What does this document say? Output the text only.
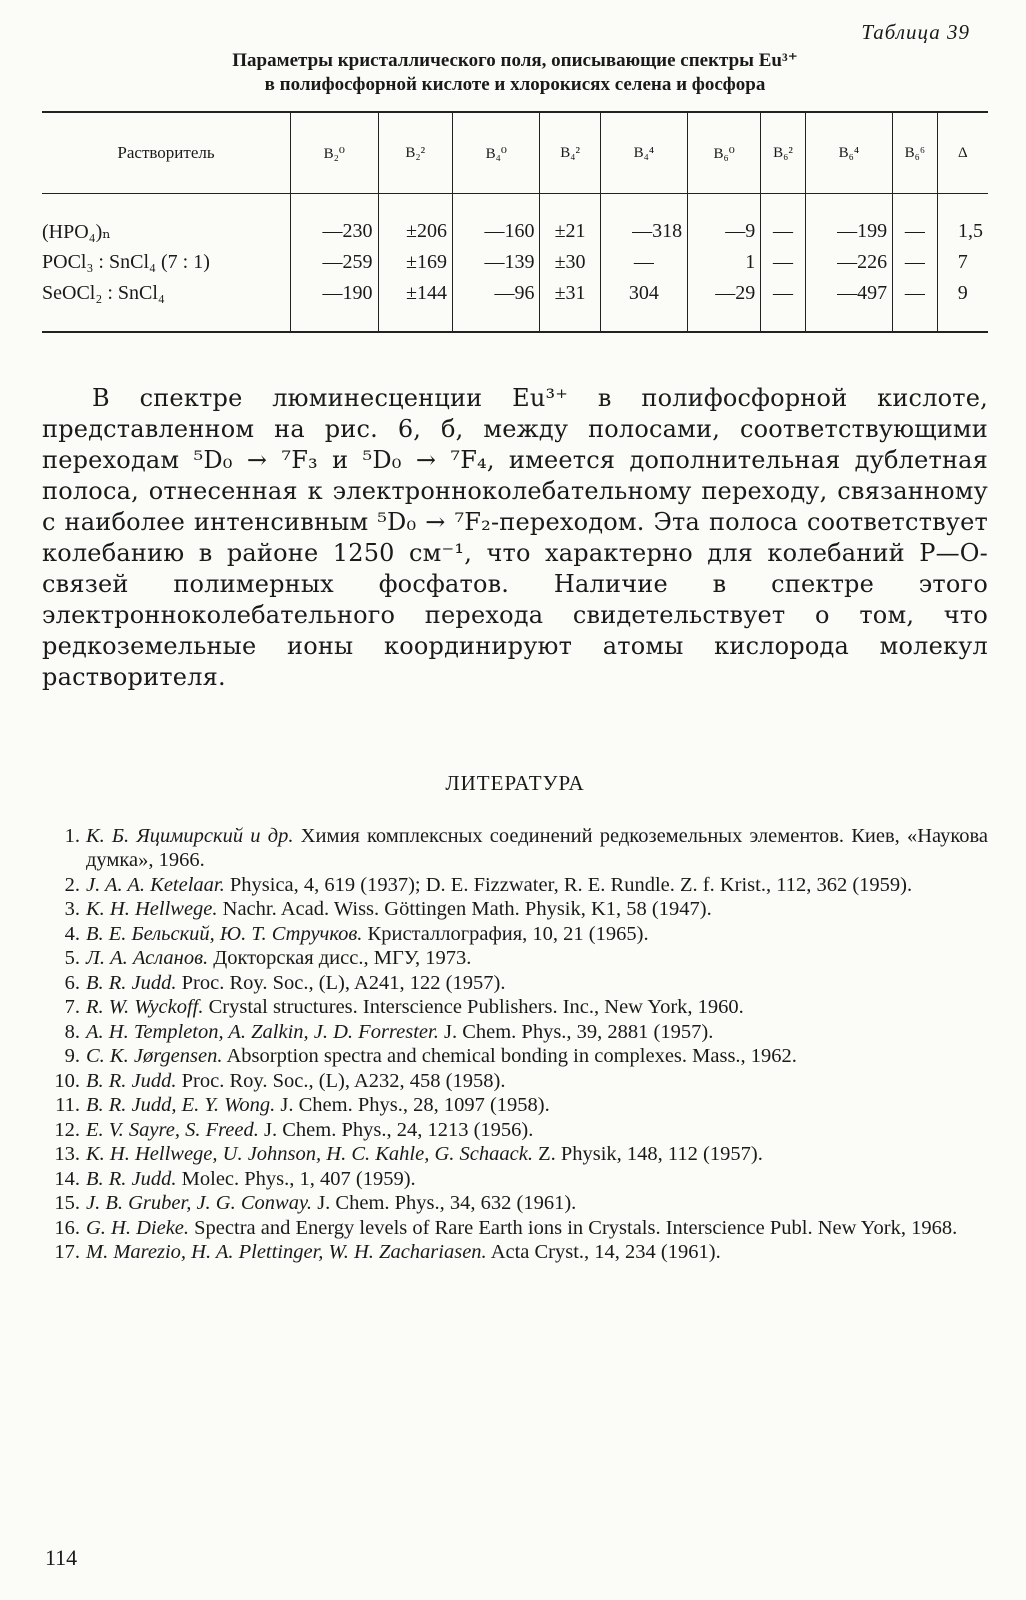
Таблица 39

Параметры кристаллического поля, описывающие спектры Eu³⁺
в полифосфорной кислоте и хлорокисях селена и фосфора

Растворитель	B₂⁰	B₂²	B₄⁰	B₄²	B₄⁴	B₆⁰	B₆²	B₆⁴	B₆⁶	Δ
(HPO₄)ₙ	—230	±206	—160	±21	—318	—9	—	—199	—	1,5
POCl₃ : SnCl₄ (7 : 1)	—259	±169	—139	±30	—	1	—	—226	—	7
SeOCl₂ : SnCl₄	—190	±144	—96	±31	304	—29	—	—497	—	9

В спектре люминесценции Eu³⁺ в полифосфорной кислоте, представленном на рис. 6, б, между полосами, соответствующими переходам ⁵D₀ → ⁷F₃ и ⁵D₀ → ⁷F₄, имеется дополнительная дублетная полоса, отнесенная к электронноколебательному переходу, связанному с наиболее интенсивным ⁵D₀ → ⁷F₂-переходом. Эта полоса соответствует колебанию в районе 1250 см⁻¹, что характерно для колебаний Р—О-связей полимерных фосфатов. Наличие в спектре этого электронноколебательного перехода свидетельствует о том, что редкоземельные ионы координируют атомы кислорода молекул растворителя.

ЛИТЕРАТУРА
1. К. Б. Яцимирский и др. Химия комплексных соединений редкоземельных элементов. Киев, «Наукова думка», 1966.
2. J. A. A. Ketelaar. Physica, 4, 619 (1937); D. E. Fizzwater, R. E. Rundle. Z. f. Krist., 112, 362 (1959).
3. K. H. Hellwege. Nachr. Acad. Wiss. Göttingen Math. Physik, K1, 58 (1947).
4. В. Е. Бельский, Ю. Т. Стручков. Кристаллография, 10, 21 (1965).
5. Л. А. Асланов. Докторская дисс., МГУ, 1973.
6. B. R. Judd. Proc. Roy. Soc., (L), A241, 122 (1957).
7. R. W. Wyckoff. Crystal structures. Interscience Publishers. Inc., New York, 1960.
8. A. H. Templeton, A. Zalkin, J. D. Forrester. J. Chem. Phys., 39, 2881 (1957).
9. C. K. Jørgensen. Absorption spectra and chemical bonding in complexes. Mass., 1962.
10. B. R. Judd. Proc. Roy. Soc., (L), A232, 458 (1958).
11. B. R. Judd, E. Y. Wong. J. Chem. Phys., 28, 1097 (1958).
12. E. V. Sayre, S. Freed. J. Chem. Phys., 24, 1213 (1956).
13. K. H. Hellwege, U. Johnson, H. C. Kahle, G. Schaack. Z. Physik, 148, 112 (1957).
14. B. R. Judd. Molec. Phys., 1, 407 (1959).
15. J. B. Gruber, J. G. Conway. J. Chem. Phys., 34, 632 (1961).
16. G. H. Dieke. Spectra and Energy levels of Rare Earth ions in Crystals. Interscience Publ. New York, 1968.
17. M. Marezio, H. A. Plettinger, W. H. Zachariasen. Acta Cryst., 14, 234 (1961).
114
